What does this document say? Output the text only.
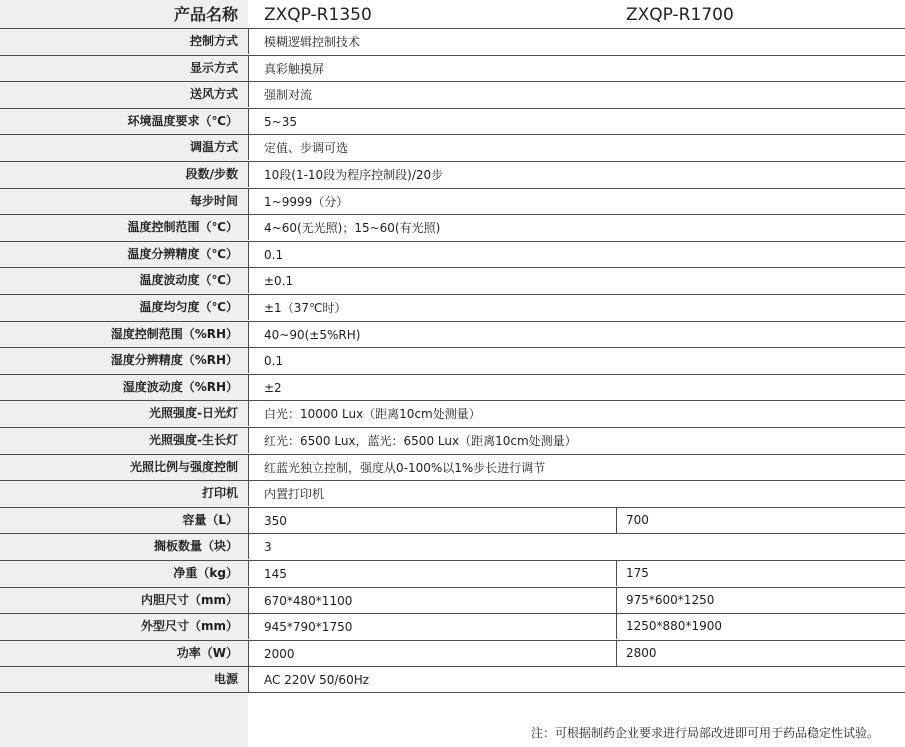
产品名称 ZXQP-R1350	ZXQP-R1700
控制方式 模糊逻辑控制技术
显示方式 真彩触摸屏
送风方式 强制对流
环境温度要求（℃） 5~35
调温方式 定值、步调可选
段数/步数 10段(1-10段为程序控制段)/20步
每步时间 1~9999（分）
温度控制范围（℃） 4~60(无光照)；15~60(有光照)
温度分辨精度（℃） 0.1
温度波动度（℃） ±0.1
温度均匀度（℃） ±1（37℃时）
湿度控制范围（%RH） 40~90(±5%RH)
湿度分辨精度（%RH） 0.1
湿度波动度（%RH） ±2
光照强度-日光灯 白光：10000 Lux（距离10cm处测量）
光照强度-生长灯 红光：6500 Lux，蓝光：6500 Lux（距离10cm处测量）
光照比例与强度控制 红蓝光独立控制，强度从0-100%以1%步长进行调节
打印机 内置打印机
容量（L） 350	700
搁板数量（块） 3
净重（kg） 145	175
内胆尺寸（mm） 670*480*1100	975*600*1250
外型尺寸（mm） 945*790*1750	1250*880*1900
功率（W） 2000	2800
电源 AC 220V 50/60Hz
注：可根据制药企业要求进行局部改进即可用于药品稳定性试验。
